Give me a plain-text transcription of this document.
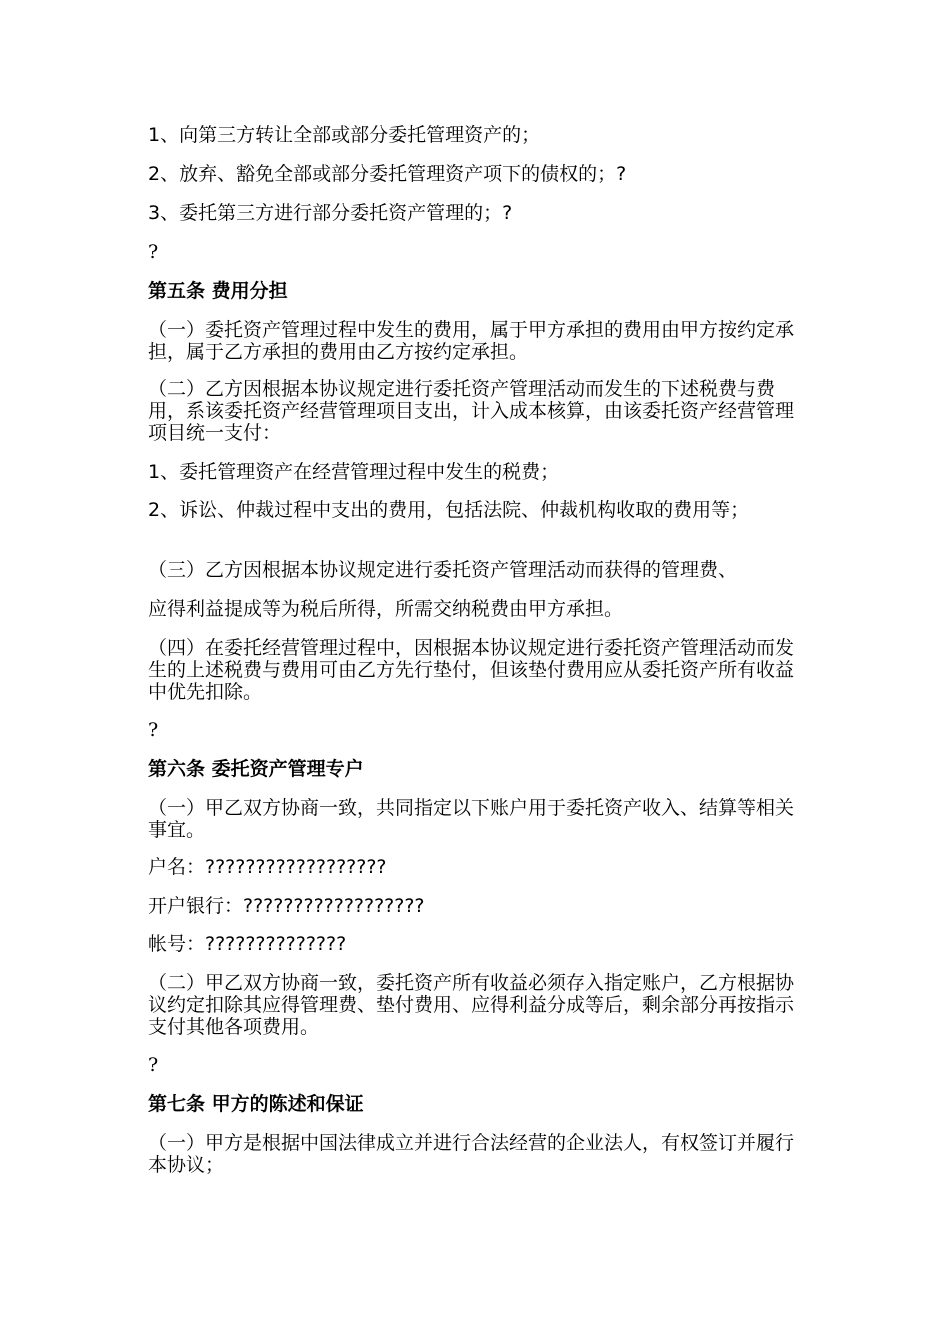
1、向第三方转让全部或部分委托管理资产的；
2、放弃、豁免全部或部分委托管理资产项下的债权的；?
3、委托第三方进行部分委托资产管理的；?
?
第五条 费用分担
（一）委托资产管理过程中发生的费用，属于甲方承担的费用由甲方按约定承担，属于乙方承担的费用由乙方按约定承担。
（二）乙方因根据本协议规定进行委托资产管理活动而发生的下述税费与费用，系该委托资产经营管理项目支出，计入成本核算，由该委托资产经营管理项目统一支付：
1、委托管理资产在经营管理过程中发生的税费；
2、诉讼、仲裁过程中支出的费用，包括法院、仲裁机构收取的费用等；
（三）乙方因根据本协议规定进行委托资产管理活动而获得的管理费、
应得利益提成等为税后所得，所需交纳税费由甲方承担。
（四）在委托经营管理过程中，因根据本协议规定进行委托资产管理活动而发生的上述税费与费用可由乙方先行垫付，但该垫付费用应从委托资产所有收益中优先扣除。
?
第六条 委托资产管理专户
（一）甲乙双方协商一致，共同指定以下账户用于委托资产收入、结算等相关事宜。
户名：??????????????????
开户银行：??????????????????
帐号：??????????????
（二）甲乙双方协商一致，委托资产所有收益必须存入指定账户，乙方根据协议约定扣除其应得管理费、垫付费用、应得利益分成等后，剩余部分再按指示支付其他各项费用。
?
第七条 甲方的陈述和保证
（一）甲方是根据中国法律成立并进行合法经营的企业法人，有权签订并履行本协议；
